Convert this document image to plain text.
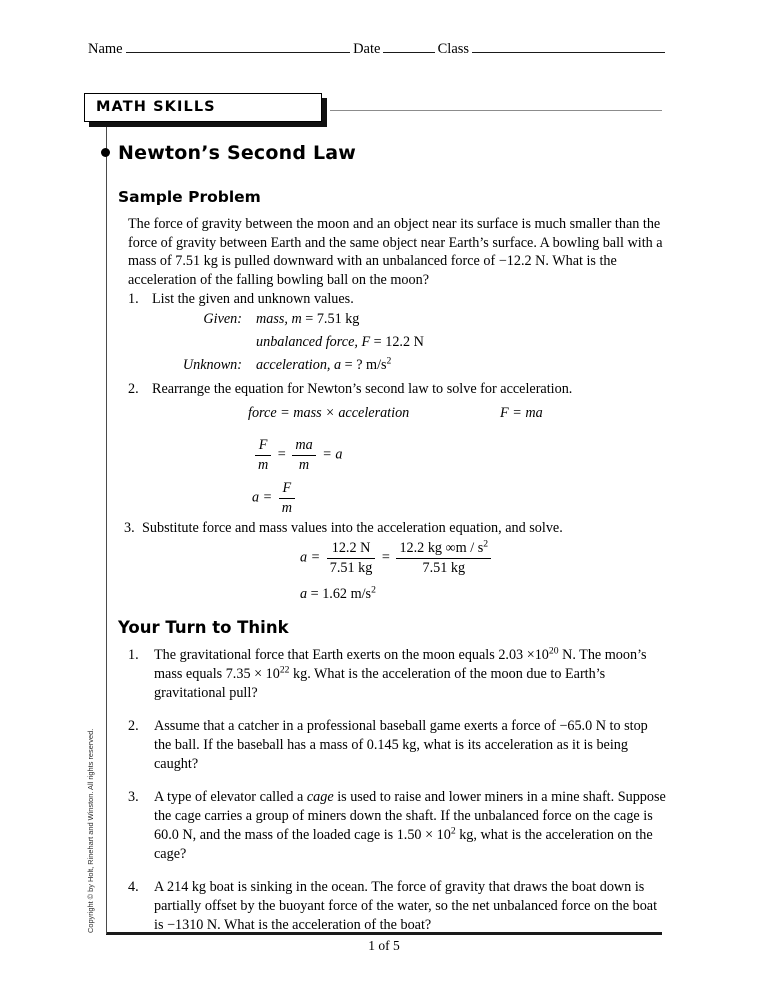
Name	Date	Class
MATH SKILLS
Newton’s Second Law
Sample Problem
The force of gravity between the moon and an object near its surface is much smaller than the force of gravity between Earth and the same object near Earth’s surface. A bowling ball with a mass of 7.51 kg is pulled downward with an unbalanced force of −12.2 N. What is the acceleration of the falling bowling ball on the moon?
1. List the given and unknown values.
Given: mass, m = 7.51 kg
unbalanced force, F = 12.2 N
Unknown: acceleration, a = ? $m/s^2$
2. Rearrange the equation for Newton’s second law to solve for acceleration.
force = mass × acceleration	F = ma
$\frac{F}{m} = \frac{ma}{m} = a$
$a = \frac{F}{m}$
3. Substitute force and mass values into the acceleration equation, and solve.
$a = \frac{12.2 N}{7.51 kg} = \frac{12.2 kg \infty m / s^2}{7.51 kg}$
a = 1.62 $m/s^2$
Your Turn to Think
1.	The gravitational force that Earth exerts on the moon equals $2.03 \times 10^{20}$ N. The moon’s mass equals $7.35 \times 10^{22}$ kg. What is the acceleration of the moon due to Earth’s gravitational pull?
2.	Assume that a catcher in a professional baseball game exerts a force of −65.0 N to stop the ball. If the baseball has a mass of 0.145 kg, what is its acceleration as it is being caught?
3.	A type of elevator called a cage is used to raise and lower miners in a mine shaft. Suppose the cage carries a group of miners down the shaft. If the unbalanced force on the cage is 60.0 N, and the mass of the loaded cage is $1.50 \times 10^2$ kg, what is the acceleration on the cage?
4.	A 214 kg boat is sinking in the ocean. The force of gravity that draws the boat down is partially offset by the buoyant force of the water, so the net unbalanced force on the boat is −1310 N. What is the acceleration of the boat?
Copyright © by Holt, Rinehart and Winston. All rights reserved.
1 of 5
